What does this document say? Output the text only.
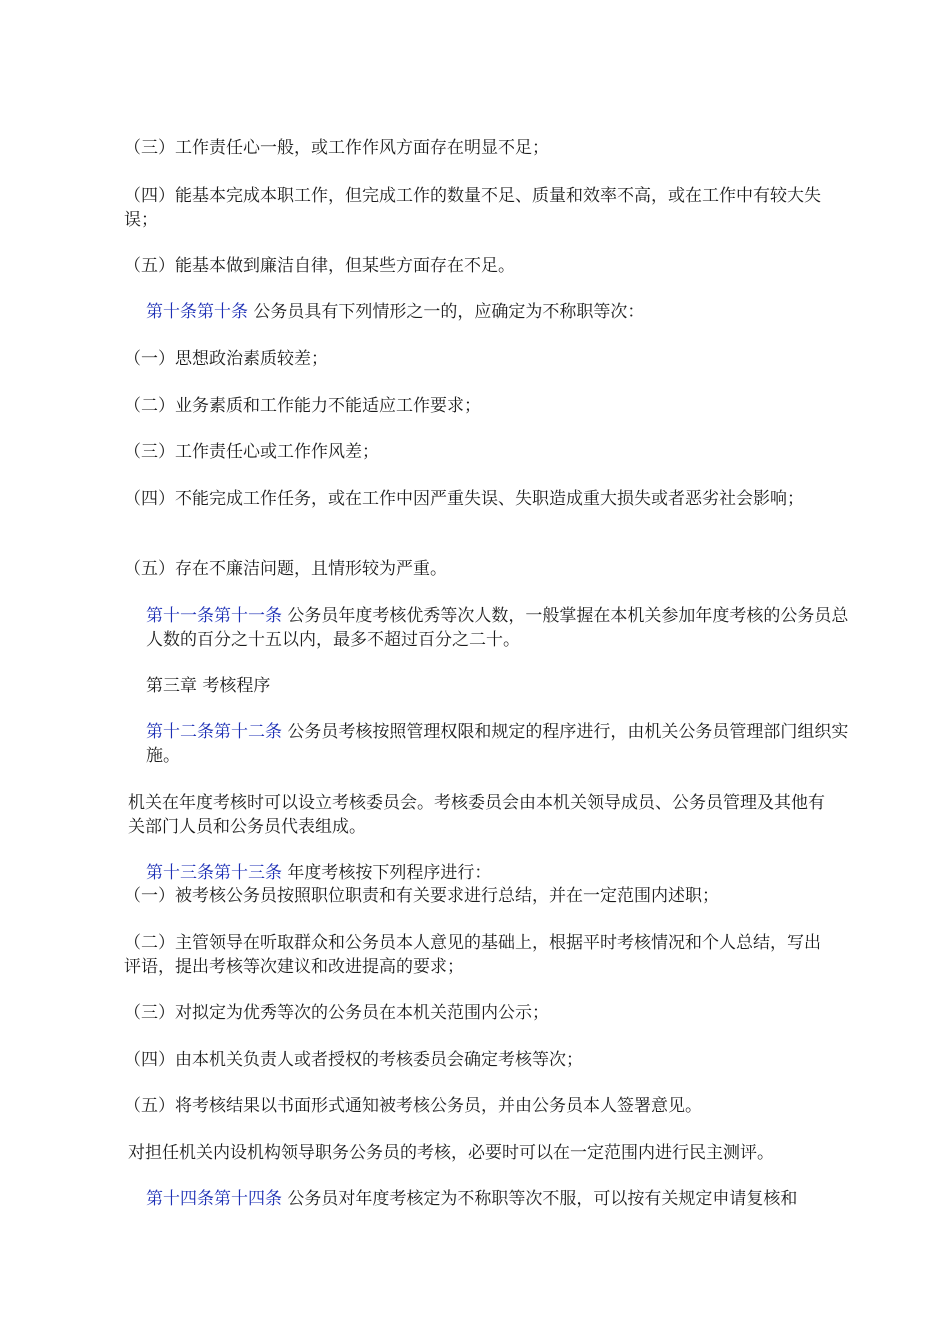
（三）工作责任心一般，或工作作风方面存在明显不足；
（四）能基本完成本职工作，但完成工作的数量不足、质量和效率不高，或在工作中有较大失误；
（五）能基本做到廉洁自律，但某些方面存在不足。
第十条第十条 公务员具有下列情形之一的，应确定为不称职等次：
（一）思想政治素质较差；
（二）业务素质和工作能力不能适应工作要求；
（三）工作责任心或工作作风差；
（四）不能完成工作任务，或在工作中因严重失误、失职造成重大损失或者恶劣社会影响；
（五）存在不廉洁问题，且情形较为严重。
第十一条第十一条 公务员年度考核优秀等次人数，一般掌握在本机关参加年度考核的公务员总人数的百分之十五以内，最多不超过百分之二十。
第三章 考核程序
第十二条第十二条 公务员考核按照管理权限和规定的程序进行，由机关公务员管理部门组织实施。
机关在年度考核时可以设立考核委员会。考核委员会由本机关领导成员、公务员管理及其他有关部门人员和公务员代表组成。
第十三条第十三条 年度考核按下列程序进行：
（一）被考核公务员按照职位职责和有关要求进行总结，并在一定范围内述职；
（二）主管领导在听取群众和公务员本人意见的基础上，根据平时考核情况和个人总结，写出评语，提出考核等次建议和改进提高的要求；
（三）对拟定为优秀等次的公务员在本机关范围内公示；
（四）由本机关负责人或者授权的考核委员会确定考核等次；
（五）将考核结果以书面形式通知被考核公务员，并由公务员本人签署意见。
对担任机关内设机构领导职务公务员的考核，必要时可以在一定范围内进行民主测评。
第十四条第十四条 公务员对年度考核定为不称职等次不服，可以按有关规定申请复核和
